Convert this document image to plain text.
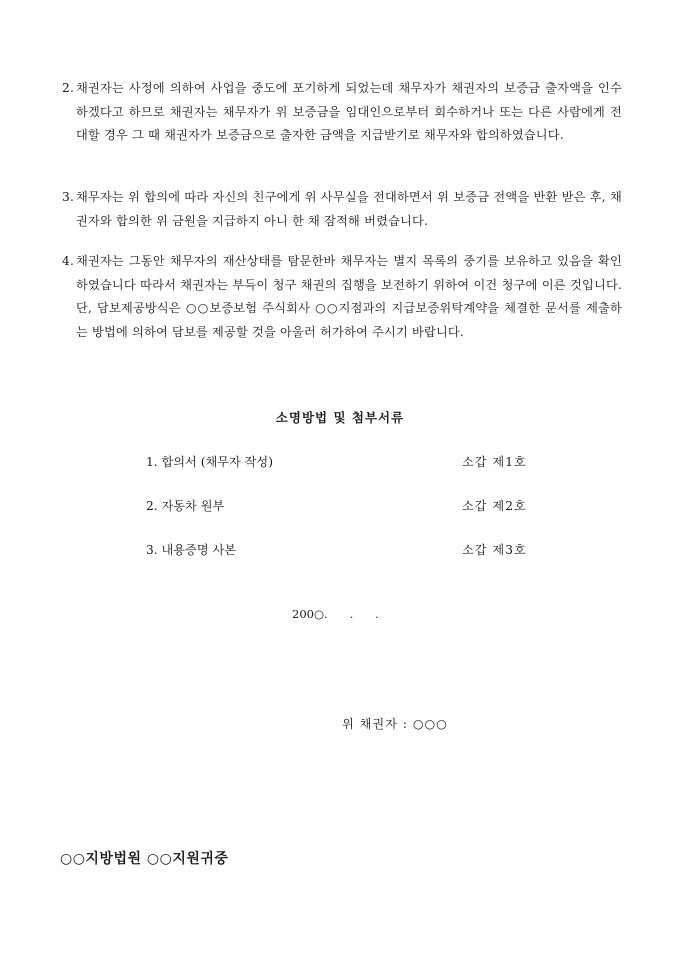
2. 채권자는 사정에 의하여 사업을 중도에 포기하게 되었는데 채무자가 채권자의 보증금 출자액을 인수하겠다고 하므로 채권자는 채무자가 위 보증금을 임대인으로부터 회수하거나 또는 다른 사람에게 전대할 경우 그 때 채권자가 보증금으로 출자한 금액을 지급받기로 채무자와 합의하였습니다.
3. 채무자는 위 합의에 따라 자신의 친구에게 위 사무실을 전대하면서 위 보증금 전액을 반환 받은 후, 채권자와 합의한 위 금원을 지급하지 아니 한 채 잠적해 버렸습니다.
4. 채권자는 그동안 채무자의 재산상태를 탐문한바 채무자는 별지 목록의 중기를 보유하고 있음을 확인하였습니다 따라서 채권자는 부득이 청구 채권의 집행을 보전하기 위하여 이건 청구에 이른 것입니다. 단, 담보제공방식은 ○○보증보험 주식회사 ○○지점과의 지급보증위탁계약을 체결한 문서를 제출하는 방법에 의하여 담보를 제공할 것을 아울러 허가하여 주시기 바랍니다.
소명방법 및 첨부서류
1. 합의서 (채무자 작성)	소갑 제1호
2. 자동차 원부	소갑 제2호
3. 내용증명 사본	소갑 제3호
200○.      .      .
위 채권자 : ○○○
○○지방법원 ○○지원귀중
